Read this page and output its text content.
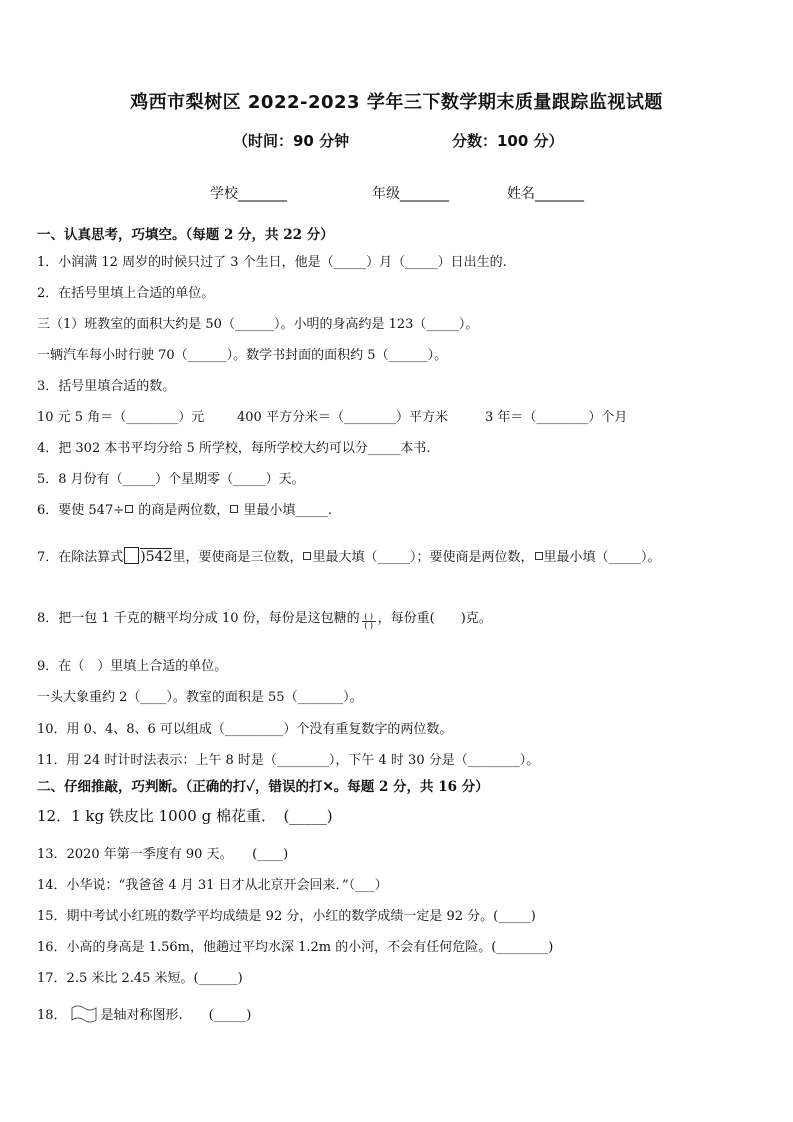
鸡西市梨树区 2022-2023 学年三下数学期末质量跟踪监视试题
（时间：90 分钟	分数：100 分）
学校_______	年级_______	姓名_______
一、认真思考，巧填空。（每题 2 分，共 22 分）
1．小润满 12 周岁的时候只过了 3 个生日，他是（_____）月（_____）日出生的.
2．在括号里填上合适的单位。
三（1）班教室的面积大约是 50（______）。小明的身高约是 123（_____）。
一辆汽车每小时行驶 70（______）。数学书封面的面积约 5（______）。
3．括号里填合适的数。
10 元 5 角＝（________）元	400 平方分米＝（________）平方米	3 年＝（________）个月
4．把 302 本书平均分给 5 所学校，每所学校大约可以分_____本书.
5．8 月份有（_____）个星期零（_____）天。
6．要使 547÷ 的商是两位数， 里最小填_____.
7．在除法算式 )542里，要使商是三位数， 里最大填（_____）；要使商是两位数， 里最小填（_____）。
8．把一包 1 千克的糖平均分成 10 份，每份是这包糖的 $\frac{( )}{( )}$ ，每份重(　　)克。
9．在（　）里填上合适的单位。
一头大象重约 2（____）。教室的面积是 55（_______）。
10．用 0、4、8、6 可以组成（_________）个没有重复数字的两位数。
11．用 24 时计时法表示：上午 8 时是（________），下午 4 时 30 分是（________）。
二、仔细推敲，巧判断。（正确的打✓，错误的打✕。每题 2 分，共 16 分）
12．1 kg 铁皮比 1000 g 棉花重．　(_____)
13．2020 年第一季度有 90 天。　　(____)
14．小华说：“我爸爸 4 月 31 日才从北京开会回来．”（___）
15．期中考试小红班的数学平均成绩是 92 分，小红的数学成绩一定是 92 分。(_____)
16．小高的身高是 1.56m，他趟过平均水深 1.2m 的小河，不会有任何危险。(________)
17．2.5 米比 2.45 米短。(______)
18．	是轴对称图形.　　(_____)
